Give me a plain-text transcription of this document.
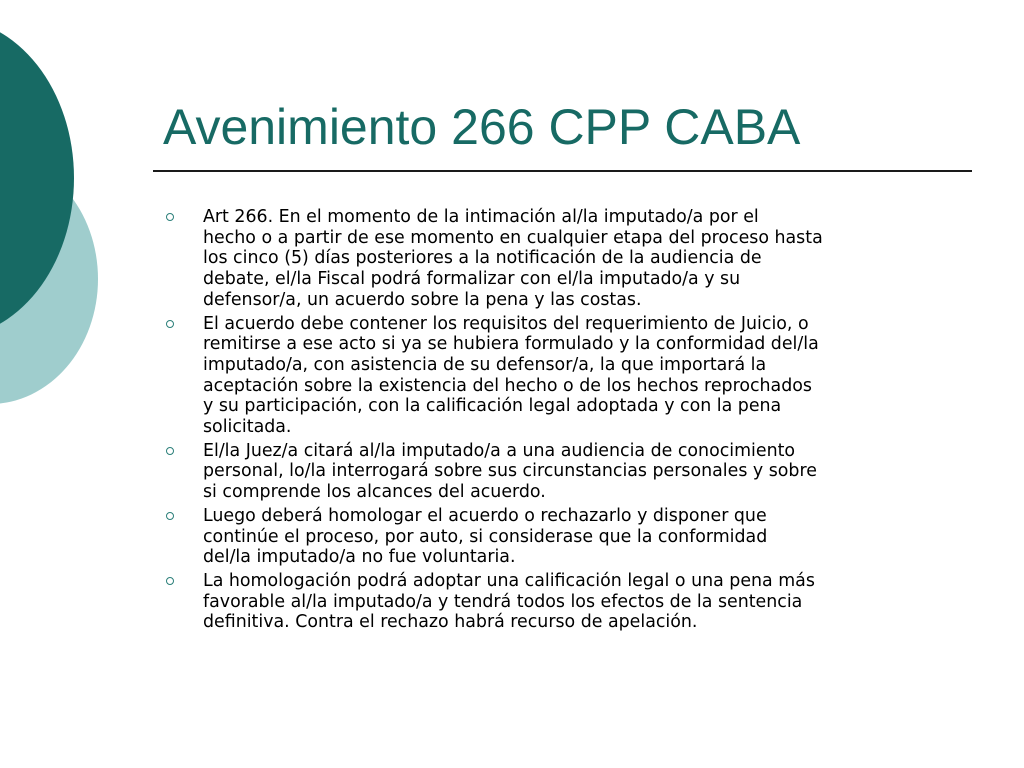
Avenimiento 266 CPP CABA
Art 266. En el momento de la intimación al/la imputado/a por el
hecho o a partir de ese momento en cualquier etapa del proceso hasta
los cinco (5) días posteriores a la notificación de la audiencia de
debate, el/la Fiscal podrá formalizar con el/la imputado/a y su
defensor/a, un acuerdo sobre la pena y las costas.
El acuerdo debe contener los requisitos del requerimiento de Juicio, o
remitirse a ese acto si ya se hubiera formulado y la conformidad del/la
imputado/a, con asistencia de su defensor/a, la que importará la
aceptación sobre la existencia del hecho o de los hechos reprochados
y su participación, con la calificación legal adoptada y con la pena
solicitada.
El/la Juez/a citará al/la imputado/a a una audiencia de conocimiento
personal, lo/la interrogará sobre sus circunstancias personales y sobre
si comprende los alcances del acuerdo.
Luego deberá homologar el acuerdo o rechazarlo y disponer que
continúe el proceso, por auto, si considerase que la conformidad
del/la imputado/a no fue voluntaria.
La homologación podrá adoptar una calificación legal o una pena más
favorable al/la imputado/a y tendrá todos los efectos de la sentencia
definitiva. Contra el rechazo habrá recurso de apelación.
